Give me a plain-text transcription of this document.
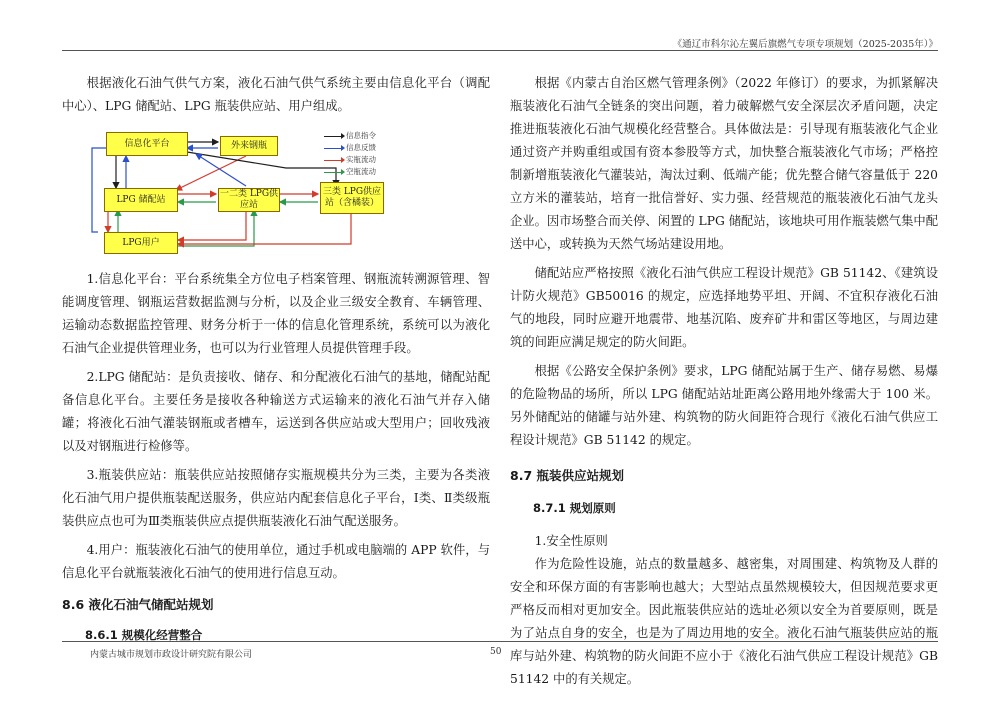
《通辽市科尔沁左翼后旗燃气专项专项规划（2025-2035年）》

根据液化石油气供气方案，液化石油气供气系统主要由信息化平台（调配中心）、LPG 储配站、LPG 瓶装供应站、用户组成。

信息化平台	外来钢瓶
LPG 储配站
一二类 LPG供应站
三类 LPG供应站（含橘装）
LPG用户
信息指令
信息反馈
实瓶流动
空瓶流动

1.信息化平台：平台系统集全方位电子档案管理、钢瓶流转溯源管理、智能调度管理、钢瓶运营数据监测与分析，以及企业三级安全教育、车辆管理、运输动态数据监控管理、财务分析于一体的信息化管理系统，系统可以为液化石油气企业提供管理业务，也可以为行业管理人员提供管理手段。

2.LPG 储配站：是负责接收、储存、和分配液化石油气的基地，储配站配备信息化平台。主要任务是接收各种输送方式运输来的液化石油气并存入储罐；将液化石油气灌装钢瓶或者槽车，运送到各供应站或大型用户；回收残液以及对钢瓶进行检修等。

3.瓶装供应站：瓶装供应站按照储存实瓶规模共分为三类，主要为各类液化石油气用户提供瓶装配送服务，供应站内配套信息化子平台，Ⅰ类、Ⅱ类级瓶装供应点也可为Ⅲ类瓶装供应点提供瓶装液化石油气配送服务。

4.用户：瓶装液化石油气的使用单位，通过手机或电脑端的 APP 软件，与信息化平台就瓶装液化石油气的使用进行信息互动。

8.6 液化石油气储配站规划
8.6.1 规模化经营整合

根据《内蒙古自治区燃气管理条例》（2022 年修订）的要求，为抓紧解决瓶装液化石油气全链条的突出问题，着力破解燃气安全深层次矛盾问题，决定推进瓶装液化石油气规模化经营整合。具体做法是：引导现有瓶装液化气企业通过资产并购重组或国有资本参股等方式，加快整合瓶装液化气市场；严格控制新增瓶装液化气灌装站，淘汰过剩、低端产能；优先整合储气容量低于 220 立方米的灌装站，培育一批信誉好、实力强、经营规范的瓶装液化石油气龙头企业。因市场整合而关停、闲置的 LPG 储配站，该地块可用作瓶装燃气集中配送中心，或转换为天然气场站建设用地。

储配站应严格按照《液化石油气供应工程设计规范》GB 51142、《建筑设计防火规范》GB50016 的规定，应选择地势平坦、开阔、不宜积存液化石油气的地段，同时应避开地震带、地基沉陷、废弃矿井和雷区等地区，与周边建筑的间距应满足规定的防火间距。

根据《公路安全保护条例》要求，LPG 储配站属于生产、储存易燃、易爆的危险物品的场所，所以 LPG 储配站站址距离公路用地外缘需大于 100 米。另外储配站的储罐与站外建、构筑物的防火间距符合现行《液化石油气供应工程设计规范》GB 51142 的规定。

8.7 瓶装供应站规划
8.7.1 规划原则

1.安全性原则

作为危险性设施，站点的数量越多、越密集，对周围建、构筑物及人群的安全和环保方面的有害影响也越大；大型站点虽然规模较大，但因规范要求更严格反而相对更加安全。因此瓶装供应站的选址必须以安全为首要原则，既是为了站点自身的安全，也是为了周边用地的安全。液化石油气瓶装供应站的瓶库与站外建、构筑物的防火间距不应小于《液化石油气供应工程设计规范》GB 51142 中的有关规定。

内蒙古城市规划市政设计研究院有限公司	50
